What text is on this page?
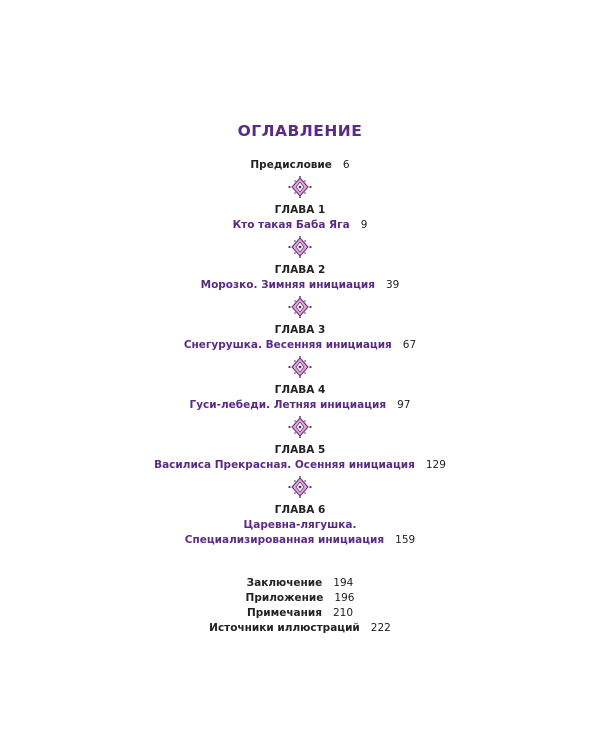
ОГЛАВЛЕНИЕ
Предисловие 6
ГЛАВА 1
Кто такая Баба Яга 9
ГЛАВА 2
Морозко. Зимняя инициация 39
ГЛАВА 3
Снегурушка. Весенняя инициация 67
ГЛАВА 4
Гуси-лебеди. Летняя инициация 97
ГЛАВА 5
Василиса Прекрасная. Осенняя инициация 129
ГЛАВА 6
Царевна-лягушка.
Специализированная инициация 159
Заключение 194
Приложение 196
Примечания 210
Источники иллюстраций 222
